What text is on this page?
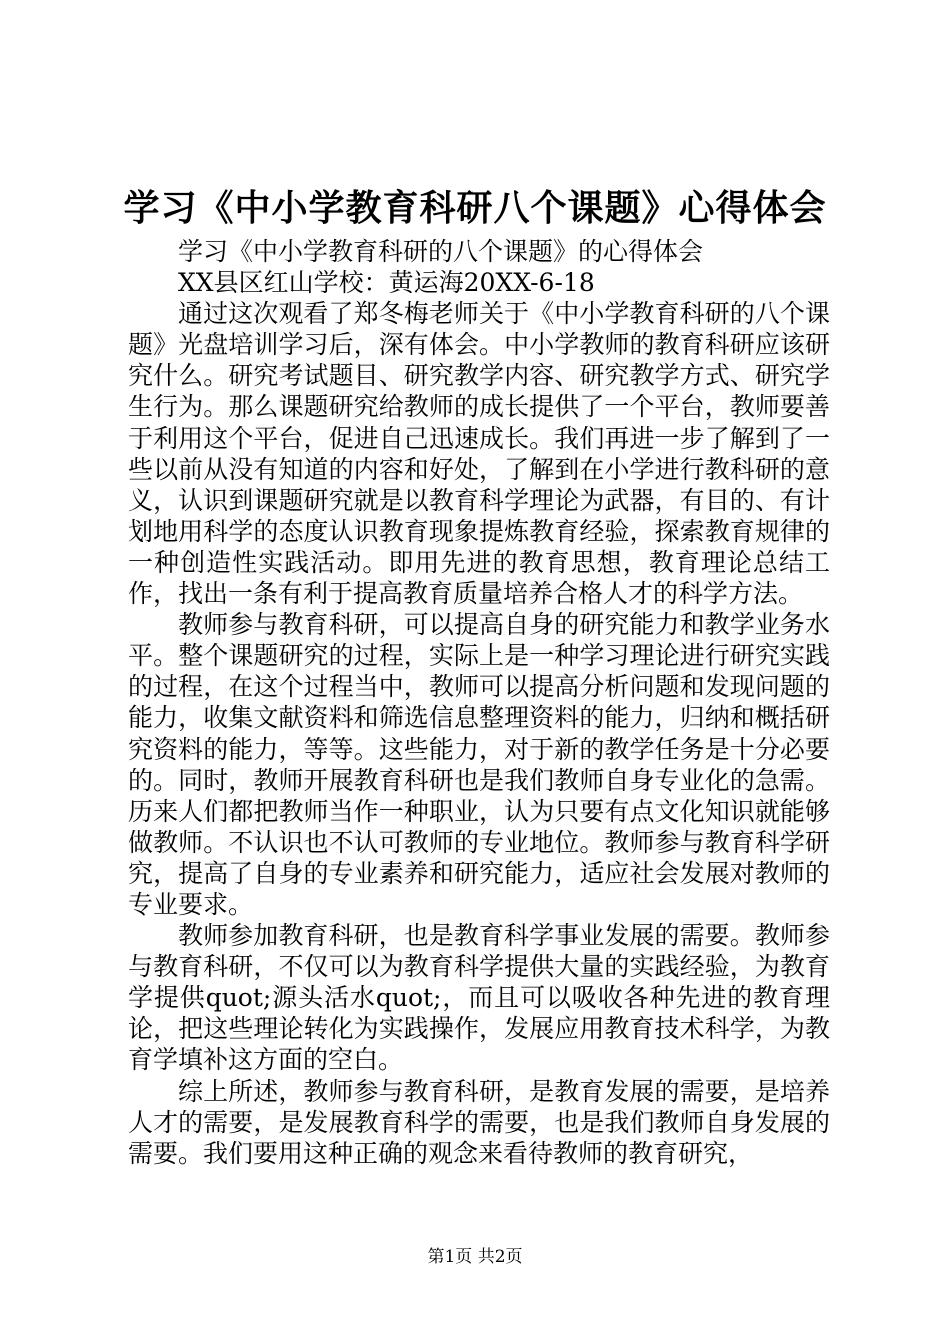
学习《中小学教育科研八个课题》心得体会

学习《中小学教育科研的八个课题》的心得体会

XX县区红山学校：黄运海20XX-6-18

通过这次观看了郑冬梅老师关于《中小学教育科研的八个课题》光盘培训学习后，深有体会。中小学教师的教育科研应该研究什么。研究考试题目、研究教学内容、研究教学方式、研究学生行为。那么课题研究给教师的成长提供了一个平台，教师要善于利用这个平台，促进自己迅速成长。我们再进一步了解到了一些以前从没有知道的内容和好处，了解到在小学进行教科研的意义，认识到课题研究就是以教育科学理论为武器，有目的、有计划地用科学的态度认识教育现象提炼教育经验，探索教育规律的一种创造性实践活动。即用先进的教育思想，教育理论总结工作，找出一条有利于提高教育质量培养合格人才的科学方法。

教师参与教育科研，可以提高自身的研究能力和教学业务水平。整个课题研究的过程，实际上是一种学习理论进行研究实践的过程，在这个过程当中，教师可以提高分析问题和发现问题的能力，收集文献资料和筛选信息整理资料的能力，归纳和概括研究资料的能力，等等。这些能力，对于新的教学任务是十分必要的。同时，教师开展教育科研也是我们教师自身专业化的急需。历来人们都把教师当作一种职业，认为只要有点文化知识就能够做教师。不认识也不认可教师的专业地位。教师参与教育科学研究，提高了自身的专业素养和研究能力，适应社会发展对教师的专业要求。

教师参加教育科研，也是教育科学事业发展的需要。教师参与教育科研，不仅可以为教育科学提供大量的实践经验，为教育学提供quot;源头活水quot;，而且可以吸收各种先进的教育理论，把这些理论转化为实践操作，发展应用教育技术科学，为教育学填补这方面的空白。

综上所述，教师参与教育科研，是教育发展的需要，是培养人才的需要，是发展教育科学的需要，也是我们教师自身发展的需要。我们要用这种正确的观念来看待教师的教育研究，

第1页 共2页
